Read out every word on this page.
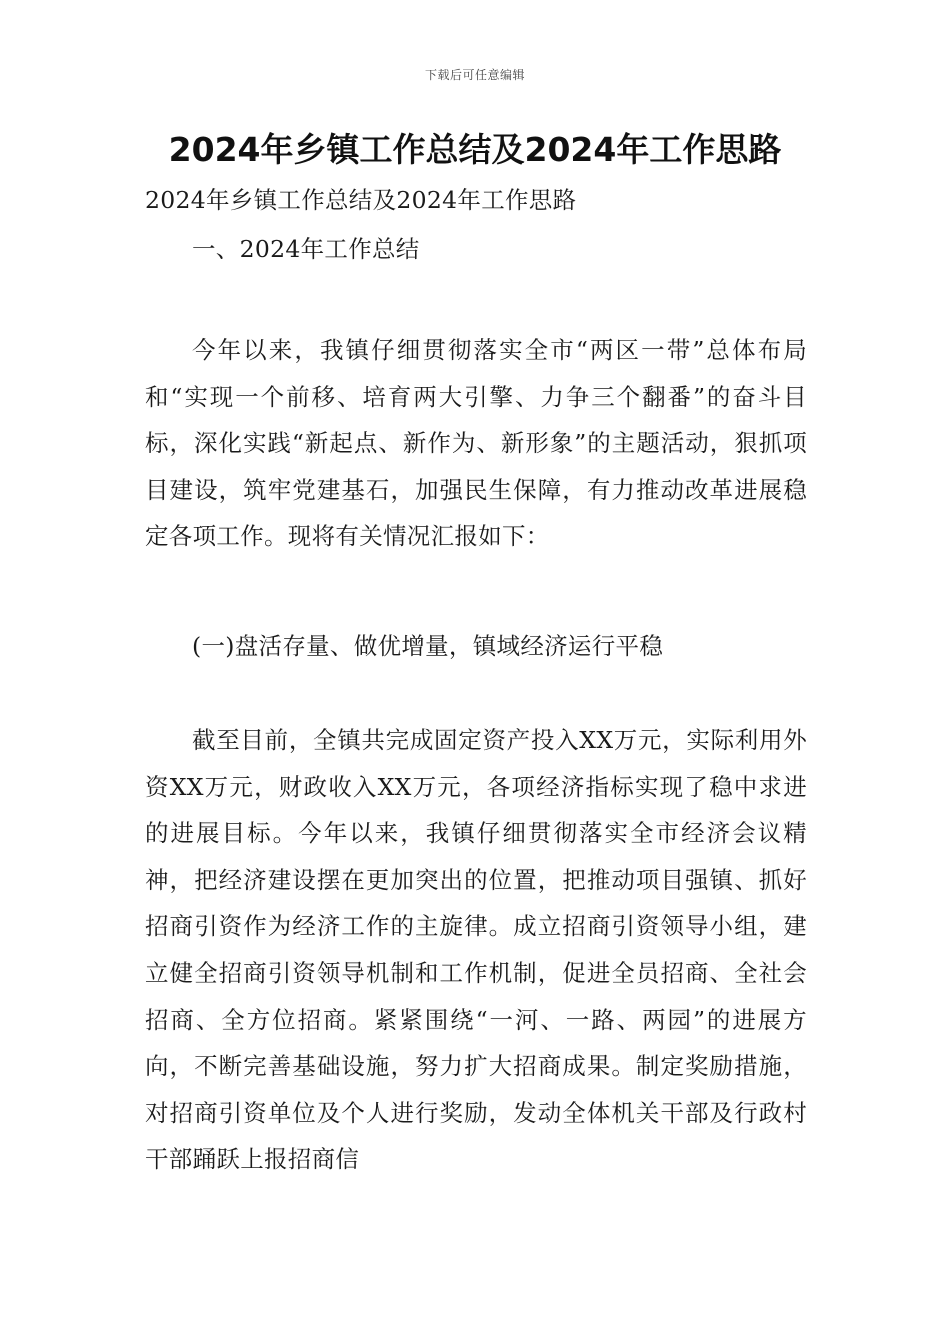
下载后可任意编辑
2024年乡镇工作总结及2024年工作思路

2024年乡镇工作总结及2024年工作思路

一、2024年工作总结

今年以来，我镇仔细贯彻落实全市“两区一带”总体布局和“实现一个前移、培育两大引擎、力争三个翻番”的奋斗目标，深化实践“新起点、新作为、新形象”的主题活动，狠抓项目建设，筑牢党建基石，加强民生保障，有力推动改革进展稳定各项工作。现将有关情况汇报如下：

(一)盘活存量、做优增量，镇域经济运行平稳

截至目前，全镇共完成固定资产投入XX万元，实际利用外资XX万元，财政收入XX万元，各项经济指标实现了稳中求进的进展目标。今年以来，我镇仔细贯彻落实全市经济会议精神，把经济建设摆在更加突出的位置，把推动项目强镇、抓好招商引资作为经济工作的主旋律。成立招商引资领导小组，建立健全招商引资领导机制和工作机制，促进全员招商、全社会招商、全方位招商。紧紧围绕“一河、一路、两园”的进展方向，不断完善基础设施，努力扩大招商成果。制定奖励措施，对招商引资单位及个人进行奖励，发动全体机关干部及行政村干部踊跃上报招商信
